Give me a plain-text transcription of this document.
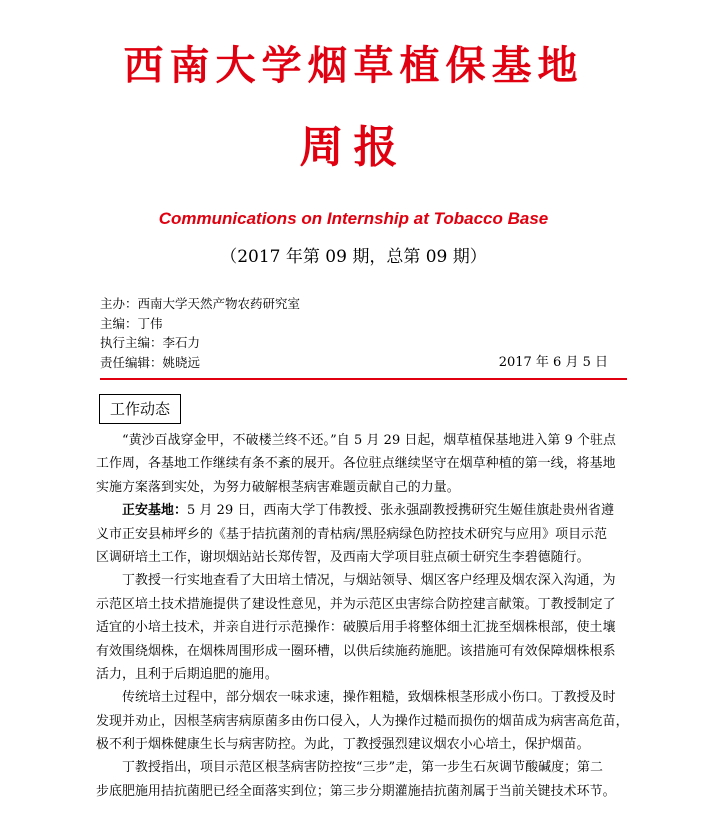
西南大学烟草植保基地
周报
Communications on Internship at Tobacco Base
（2017 年第 09 期，总第 09 期）
主办：西南大学天然产物农药研究室
主编：丁伟
执行主编：李石力
责任编辑：姚晓远	2017 年 6 月 5 日
工作动态
“黄沙百战穿金甲，不破楼兰终不还。”自 5 月 29 日起，烟草植保基地进入第 9 个驻点
工作周，各基地工作继续有条不紊的展开。各位驻点继续坚守在烟草种植的第一线，将基地
实施方案落到实处，为努力破解根茎病害难题贡献自己的力量。
正安基地：5 月 29 日，西南大学丁伟教授、张永强副教授携研究生姬佳旗赴贵州省遵
义市正安县柿坪乡的《基于拮抗菌剂的青枯病/黑胫病绿色防控技术研究与应用》项目示范
区调研培土工作，谢坝烟站站长郑传智，及西南大学项目驻点硕士研究生李碧德随行。
丁教授一行实地查看了大田培土情况，与烟站领导、烟区客户经理及烟农深入沟通，为
示范区培土技术措施提供了建设性意见，并为示范区虫害综合防控建言献策。丁教授制定了
适宜的小培土技术，并亲自进行示范操作：破膜后用手将整体细土汇拢至烟株根部，使土壤
有效围绕烟株，在烟株周围形成一圈环槽，以供后续施药施肥。该措施可有效保障烟株根系
活力，且利于后期追肥的施用。
传统培土过程中，部分烟农一味求速，操作粗糙，致烟株根茎形成小伤口。丁教授及时
发现并劝止，因根茎病害病原菌多由伤口侵入，人为操作过糙而损伤的烟苗成为病害高危苗，
极不利于烟株健康生长与病害防控。为此，丁教授强烈建议烟农小心培土，保护烟苗。
丁教授指出，项目示范区根茎病害防控按“三步”走，第一步生石灰调节酸碱度；第二
步底肥施用拮抗菌肥已经全面落实到位；第三步分期灌施拮抗菌剂属于当前关键技术环节。
